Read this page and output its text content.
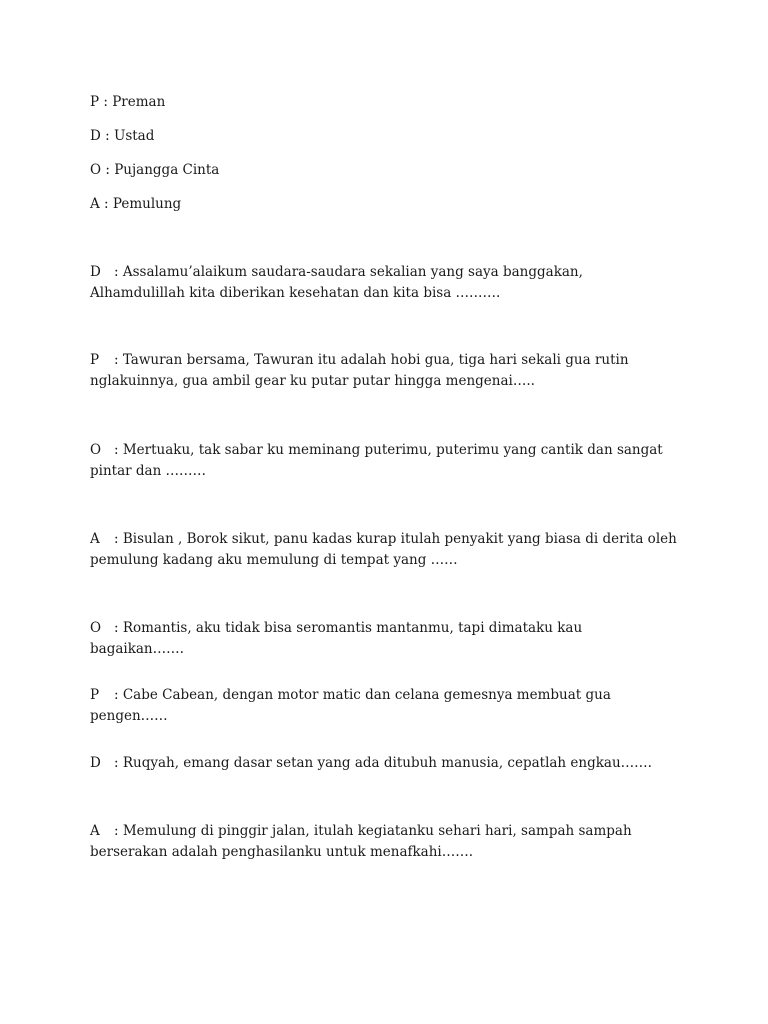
P : Preman
D : Ustad
O : Pujangga Cinta
A : Pemulung
D : Assalamu’alaikum saudara-saudara sekalian yang saya banggakan, Alhamdulillah kita diberikan kesehatan dan kita bisa ……….
P : Tawuran bersama, Tawuran itu adalah hobi gua, tiga hari sekali gua rutin nglakuinnya, gua ambil gear ku putar putar hingga mengenai…..
O : Mertuaku, tak sabar ku meminang puterimu, puterimu yang cantik dan sangat pintar dan ………
A : Bisulan , Borok sikut, panu kadas kurap itulah penyakit yang biasa di derita oleh pemulung kadang aku memulung di tempat yang ……
O : Romantis, aku tidak bisa seromantis mantanmu, tapi dimataku kau bagaikan…….
P : Cabe Cabean, dengan motor matic dan celana gemesnya membuat gua pengen……
D : Ruqyah, emang dasar setan yang ada ditubuh manusia, cepatlah engkau…….
A : Memulung di pinggir jalan, itulah kegiatanku sehari hari, sampah sampah berserakan adalah penghasilanku untuk menafkahi…….
